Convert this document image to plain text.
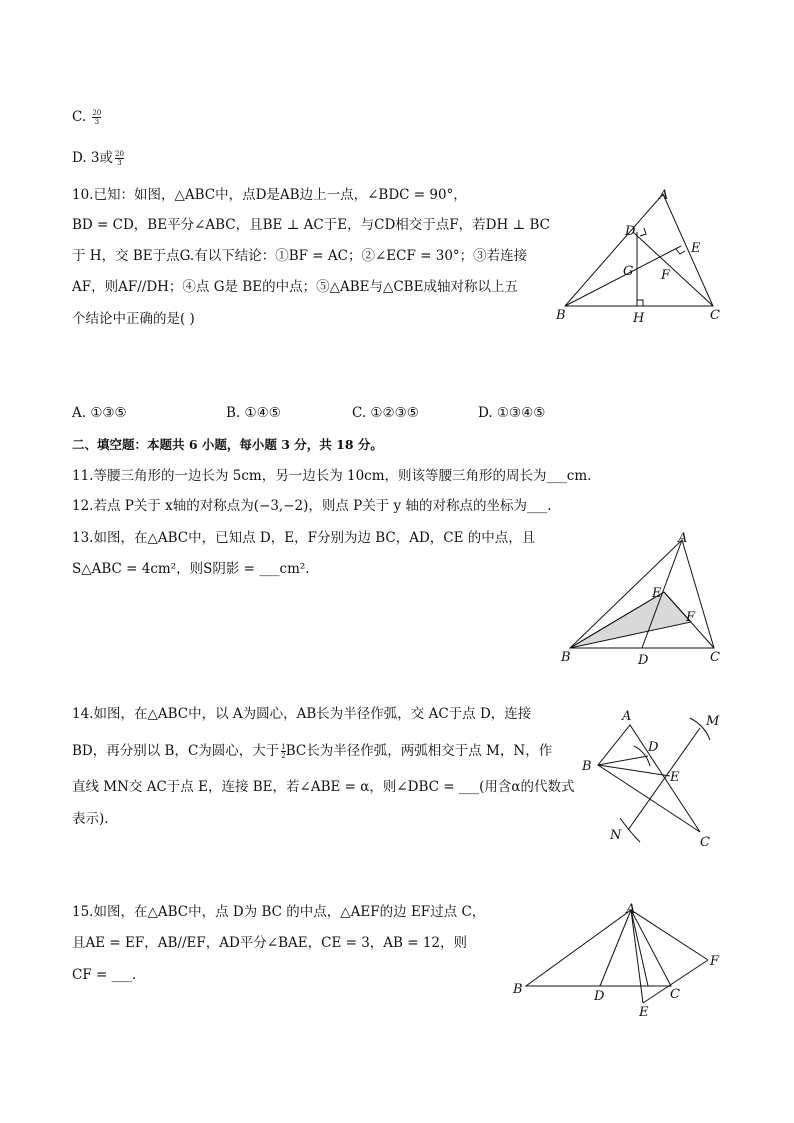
C. $\frac{20}{3}$
D. 3或 $\frac{20}{3}$
10.已知：如图，△ABC中，点D是AB边上一点，∠BDC = 90°，
BD = CD，BE平分∠ABC，且BE ⊥ AC于E，与CD相交于点F，若DH ⊥ BC
于 H，交 BE于点G.有以下结论：①BF = AC；②∠ECF = 30°；③若连接
AF，则AF//DH；④点 G是 BE的中点；⑤△ABE与△CBE成轴对称以上五
个结论中正确的是( )
A
D
E
G F
B	H	C
A. ①③⑤	B. ①④⑤	C. ①②③⑤	D. ①③④⑤
二、填空题：本题共 6 小题，每小题 3 分，共 18 分。
11.等腰三角形的一边长为 5cm，另一边长为 10cm，则该等腰三角形的周长为___cm.
12.若点 P关于 x轴的对称点为(−3,−2)，则点 P关于 y 轴的对称点的坐标为___.
13.如图，在△ABC中，已知点 D，E，F分别为边 BC，AD，CE 的中点，且
S△ABC = 4cm²，则S阴影 = ___cm².
A
E
F
B	D	C
14.如图，在△ABC中，以 A为圆心，AB长为半径作弧，交 AC于点 D，连接
BD，再分别以 B，C为圆心，大于 $\frac{1}{2}$ BC长为半径作弧，两弧相交于点 M，N，作
直线 MN交 AC于点 E，连接 BE，若∠ABE = α，则∠DBC = ___(用含α的代数式
表示).
A	M
D
B
E
N	C
15.如图，在△ABC中，点 D为 BC 的中点，△AEF的边 EF过点 C，
且AE = EF，AB//EF，AD平分∠BAE，CE = 3，AB = 12，则
CF = ___.
A
F
B	D	C
E
